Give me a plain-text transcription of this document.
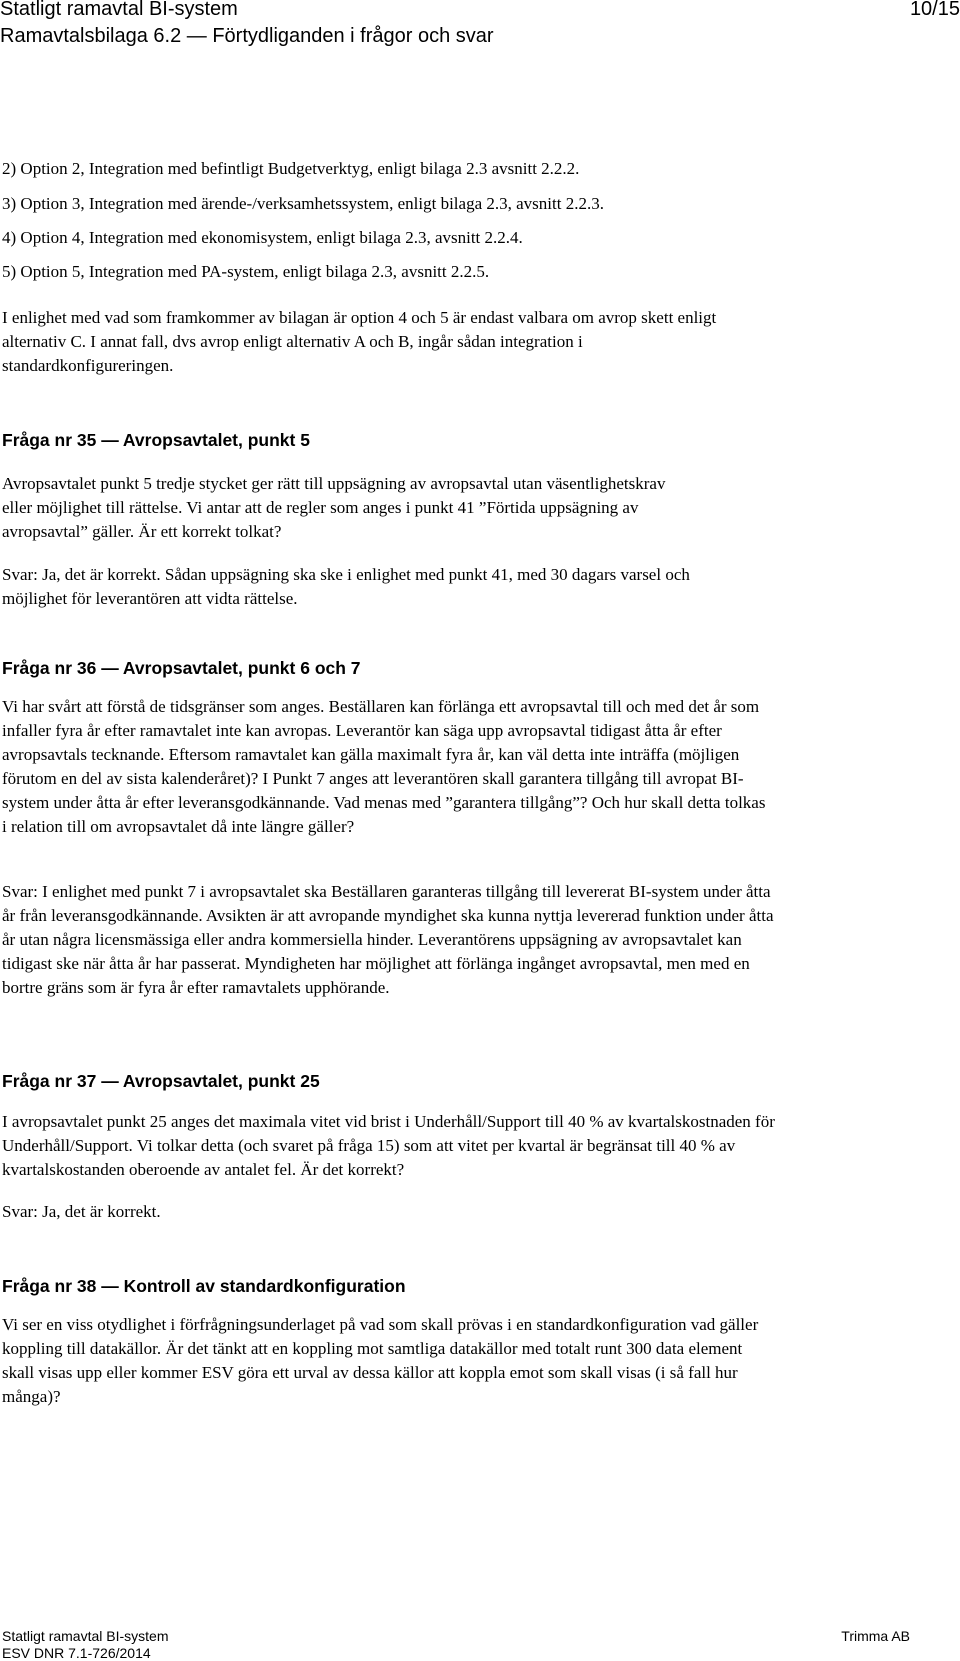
Statligt ramavtal BI-system	10/15
Ramavtalsbilaga 6.2 — Förtydliganden i frågor och svar
2) Option 2, Integration med befintligt Budgetverktyg, enligt bilaga 2.3 avsnitt 2.2.2.
3) Option 3, Integration med ärende-/verksamhetssystem, enligt bilaga 2.3, avsnitt 2.2.3.
4) Option 4, Integration med ekonomisystem, enligt bilaga 2.3, avsnitt 2.2.4.
5) Option 5, Integration med PA-system, enligt bilaga 2.3, avsnitt 2.2.5.

I enlighet med vad som framkommer av bilagan är option 4 och 5 är endast valbara om avrop skett enligt alternativ C. I annat fall, dvs avrop enligt alternativ A och B, ingår sådan integration i standardkonfigureringen.

Fråga nr 35 — Avropsavtalet, punkt 5

Avropsavtalet punkt 5 tredje stycket ger rätt till uppsägning av avropsavtal utan väsentlighetskrav eller möjlighet till rättelse. Vi antar att de regler som anges i punkt 41 ”Förtida uppsägning av avropsavtal” gäller. Är ett korrekt tolkat?

Svar: Ja, det är korrekt. Sådan uppsägning ska ske i enlighet med punkt 41, med 30 dagars varsel och möjlighet för leverantören att vidta rättelse.

Fråga nr 36 — Avropsavtalet, punkt 6 och 7

Vi har svårt att förstå de tidsgränser som anges. Beställaren kan förlänga ett avropsavtal till och med det år som infaller fyra år efter ramavtalet inte kan avropas. Leverantör kan säga upp avropsavtal tidigast åtta år efter avropsavtals tecknande. Eftersom ramavtalet kan gälla maximalt fyra år, kan väl detta inte inträffa (möjligen förutom en del av sista kalenderåret)? I Punkt 7 anges att leverantören skall garantera tillgång till avropat BI-system under åtta år efter leveransgodkännande. Vad menas med ”garantera tillgång”? Och hur skall detta tolkas i relation till om avropsavtalet då inte längre gäller?

Svar: I enlighet med punkt 7 i avropsavtalet ska Beställaren garanteras tillgång till levererat BI-system under åtta år från leveransgodkännande. Avsikten är att avropande myndighet ska kunna nyttja levererad funktion under åtta år utan några licensmässiga eller andra kommersiella hinder. Leverantörens uppsägning av avropsavtalet kan tidigast ske när åtta år har passerat. Myndigheten har möjlighet att förlänga ingånget avropsavtal, men med en bortre gräns som är fyra år efter ramavtalets upphörande.

Fråga nr 37 — Avropsavtalet, punkt 25

I avropsavtalet punkt 25 anges det maximala vitet vid brist i Underhåll/Support till 40 % av kvartalskostnaden för Underhåll/Support. Vi tolkar detta (och svaret på fråga 15) som att vitet per kvartal är begränsat till 40 % av kvartalskostanden oberoende av antalet fel. Är det korrekt?

Svar: Ja, det är korrekt.

Fråga nr 38 — Kontroll av standardkonfiguration

Vi ser en viss otydlighet i förfrågningsunderlaget på vad som skall prövas i en standardkonfiguration vad gäller koppling till datakällor. Är det tänkt att en koppling mot samtliga datakällor med totalt runt 300 data element skall visas upp eller kommer ESV göra ett urval av dessa källor att koppla emot som skall visas (i så fall hur många)?

Statligt ramavtal BI-system
ESV DNR 7.1-726/2014
Trimma AB
